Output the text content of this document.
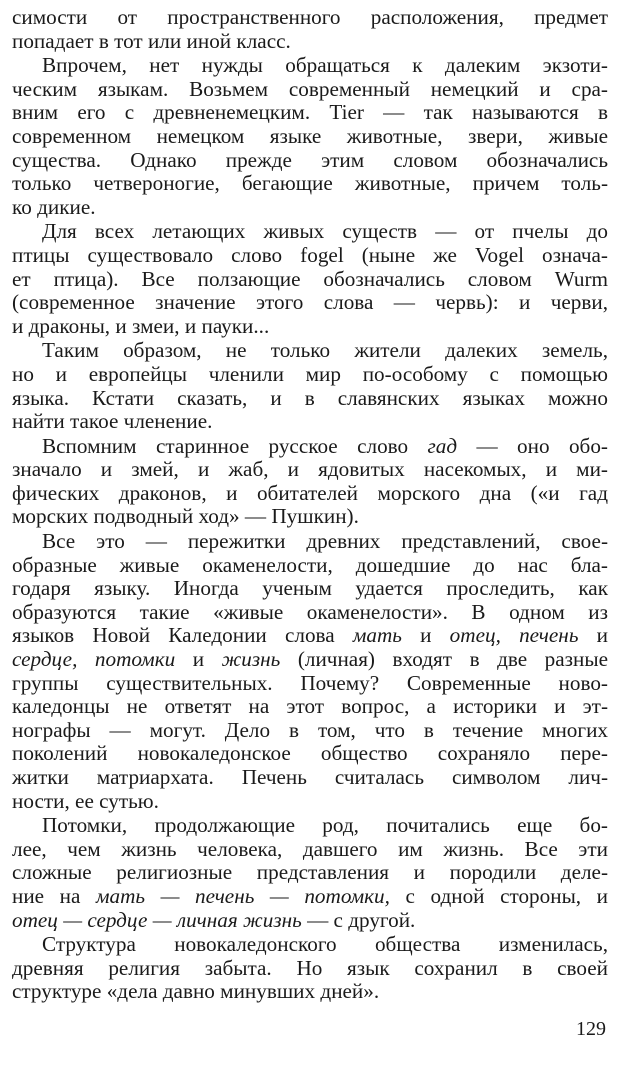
симости от пространственного расположения, предмет
попадает в тот или иной класс.
Впрочем, нет нужды обращаться к далеким экзоти-
ческим языкам. Возьмем современный немецкий и сра-
вним его с древненемецким. Tier — так называются в
современном немецком языке животные, звери, живые
существа. Однако прежде этим словом обозначались
только четвероногие, бегающие животные, причем толь-
ко дикие.
Для всех летающих живых существ — от пчелы до
птицы существовало слово fogel (ныне же Vogel означа-
ет птица). Все ползающие обозначались словом Wurm
(современное значение этого слова — червь): и черви,
и драконы, и змеи, и пауки...
Таким образом, не только жители далеких земель,
но и европейцы членили мир по-особому с помощью
языка. Кстати сказать, и в славянских языках можно
найти такое членение.
Вспомним старинное русское слово гад — оно обо-
значало и змей, и жаб, и ядовитых насекомых, и ми-
фических драконов, и обитателей морского дна («и гад
морских подводный ход» — Пушкин).
Все это — пережитки древних представлений, свое-
образные живые окаменелости, дошедшие до нас бла-
годаря языку. Иногда ученым удается проследить, как
образуются такие «живые окаменелости». В одном из
языков Новой Каледонии слова мать и отец, печень и
сердце, потомки и жизнь (личная) входят в две разные
группы существительных. Почему? Современные ново-
каледонцы не ответят на этот вопрос, а историки и эт-
нографы — могут. Дело в том, что в течение многих
поколений новокаледонское общество сохраняло пере-
житки матриархата. Печень считалась символом лич-
ности, ее сутью.
Потомки, продолжающие род, почитались еще бо-
лее, чем жизнь человека, давшего им жизнь. Все эти
сложные религиозные представления и породили деле-
ние на мать — печень — потомки, с одной стороны, и
отец — сердце — личная жизнь — с другой.
Структура новокаледонского общества изменилась,
древняя религия забыта. Но язык сохранил в своей
структуре «дела давно минувших дней».
129
